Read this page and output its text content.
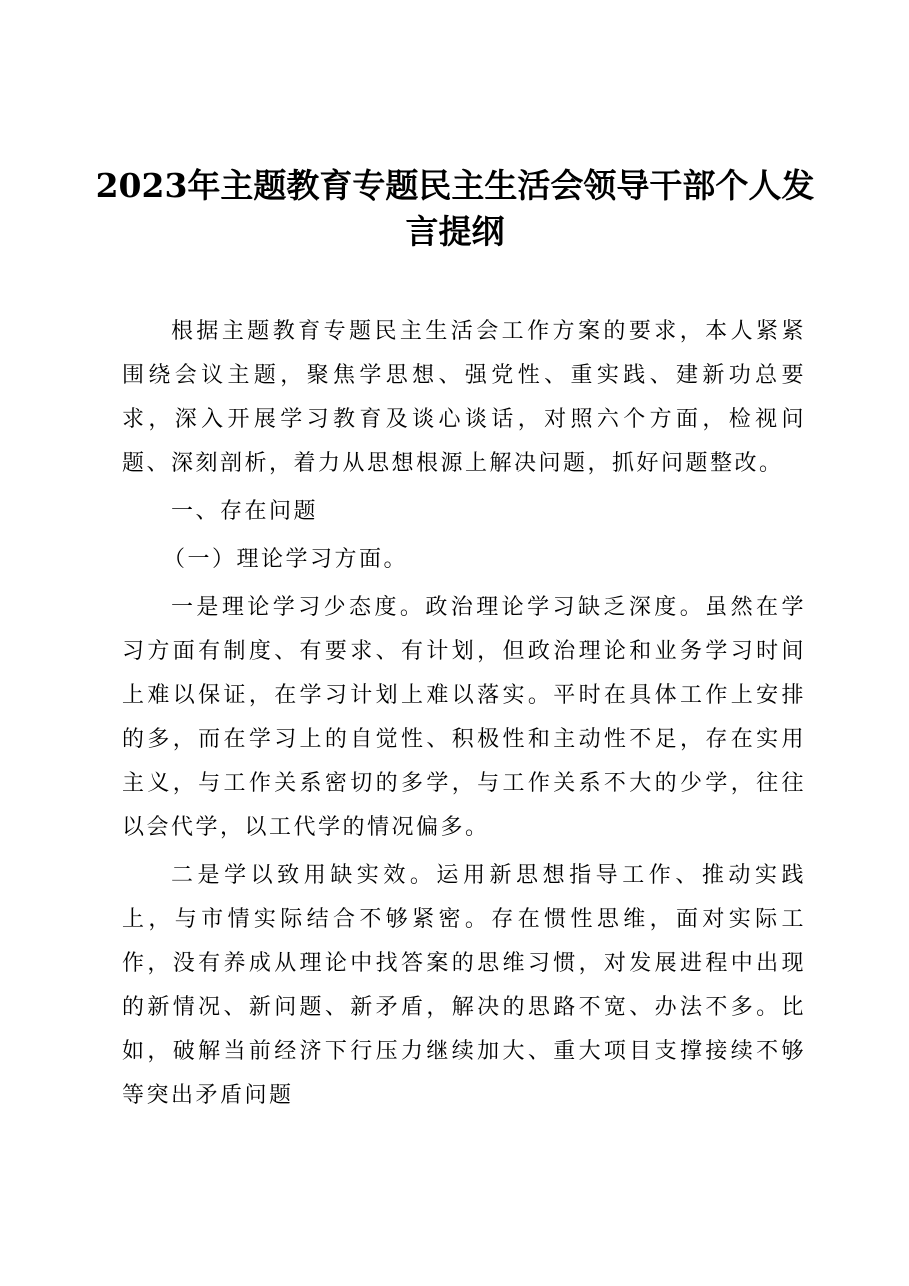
2023年主题教育专题民主生活会领导干部个人发言提纲

根据主题教育专题民主生活会工作方案的要求，本人紧紧围绕会议主题，聚焦学思想、强党性、重实践、建新功总要求，深入开展学习教育及谈心谈话，对照六个方面，检视问题、深刻剖析，着力从思想根源上解决问题，抓好问题整改。

一、存在问题

（一）理论学习方面。

一是理论学习少态度。政治理论学习缺乏深度。虽然在学习方面有制度、有要求、有计划，但政治理论和业务学习时间上难以保证，在学习计划上难以落实。平时在具体工作上安排的多，而在学习上的自觉性、积极性和主动性不足，存在实用主义，与工作关系密切的多学，与工作关系不大的少学，往往以会代学，以工代学的情况偏多。

二是学以致用缺实效。运用新思想指导工作、推动实践上，与市情实际结合不够紧密。存在惯性思维，面对实际工作，没有养成从理论中找答案的思维习惯，对发展进程中出现的新情况、新问题、新矛盾，解决的思路不宽、办法不多。比如，破解当前经济下行压力继续加大、重大项目支撑接续不够等突出矛盾问题
